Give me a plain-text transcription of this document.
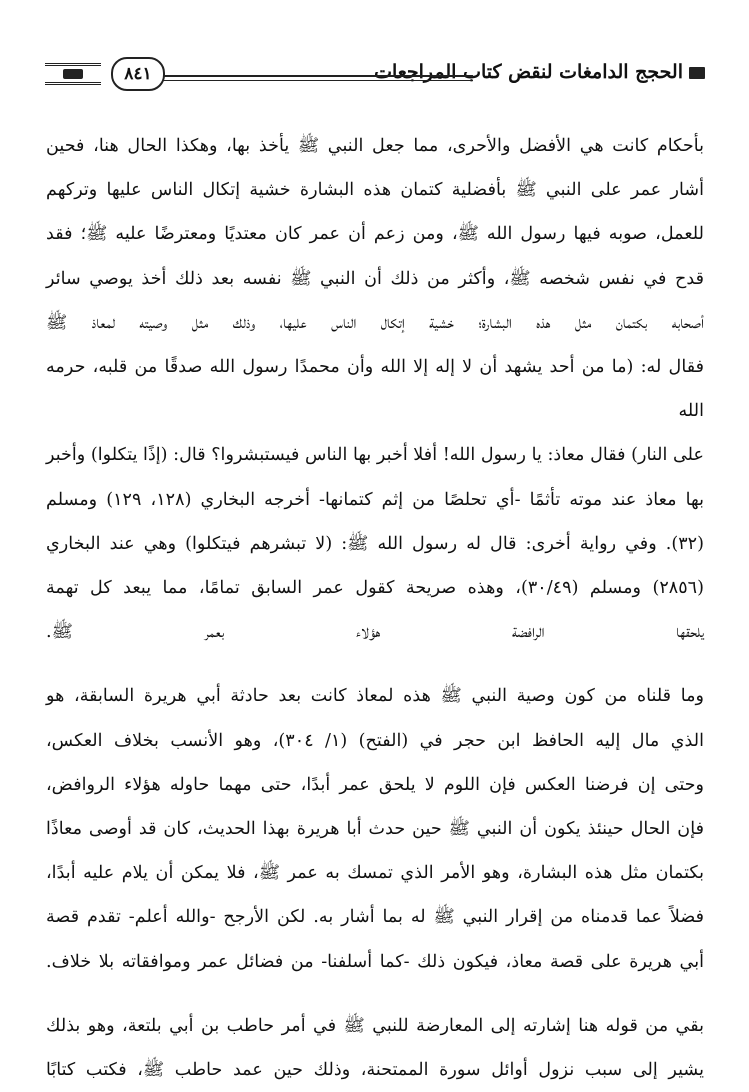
الحجج الدامغات لنقض كتاب المراجعات
٨٤١

بأحكام كانت هي الأفضل والأحرى، مما جعل النبي ﷺ يأخذ بها، وهكذا الحال هنا، فحين
أشار عمر على النبي ﷺ بأفضلية كتمان هذه البشارة خشية إتكال الناس عليها وتركهم
للعمل، صوبه فيها رسول الله ﷺ، ومن زعم أن عمر كان معتديًا ومعترضًا عليه ﷺ؛ فقد
قدح في نفس شخصه ﷺ، وأكثر من ذلك أن النبي ﷺ نفسه بعد ذلك أخذ يوصي سائر
أصحابه بكتمان مثل هذه البشارة؛ خشية إتكال الناس عليها، وذلك مثل وصيته لمعاذ ﷺ
فقال له: (ما من أحد يشهد أن لا إله إلا الله وأن محمدًا رسول الله صدقًا من قلبه، حرمه الله
على النار) فقال معاذ: يا رسول الله! أفلا أخبر بها الناس فيستبشروا؟ قال: (إذًا يتكلوا) وأخبر
بها معاذ عند موته تأثمًا -أي تحلصًا من إثم كتمانها- أخرجه البخاري (١٢٨، ١٢٩) ومسلم
(٣٢). وفي رواية أخرى: قال له رسول الله ﷺ: (لا تبشرهم فيتكلوا) وهي عند البخاري
(٢٨٥٦) ومسلم (٣٠/٤٩)، وهذه صريحة كقول عمر السابق تمامًا، مما يبعد كل تهمة
يلحقها الرافضة هؤلاء بعمر ﷺ.

وما قلناه من كون وصية النبي ﷺ هذه لمعاذ كانت بعد حادثة أبي هريرة السابقة، هو
الذي مال إليه الحافظ ابن حجر في (الفتح) (١/ ٣٠٤)، وهو الأنسب بخلاف العكس،
وحتى إن فرضنا العكس فإن اللوم لا يلحق عمر أبدًا، حتى مهما حاوله هؤلاء الروافض،
فإن الحال حينئذ يكون أن النبي ﷺ حين حدث أبا هريرة بهذا الحديث، كان قد أوصى معاذًا
بكتمان مثل هذه البشارة، وهو الأمر الذي تمسك به عمر ﷺ، فلا يمكن أن يلام عليه أبدًا،
فضلاً عما قدمناه من إقرار النبي ﷺ له بما أشار به. لكن الأرجح -والله أعلم- تقدم قصة
أبي هريرة على قصة معاذ، فيكون ذلك -كما أسلفنا- من فضائل عمر وموافقاته بلا خلاف.

بقي من قوله هنا إشارته إلى المعارضة للنبي ﷺ في أمر حاطب بن أبي بلتعة، وهو بذلك
يشير إلى سبب نزول أوائل سورة الممتحنة، وذلك حين عمد حاطب ﷺ، فكتب كتابًا
